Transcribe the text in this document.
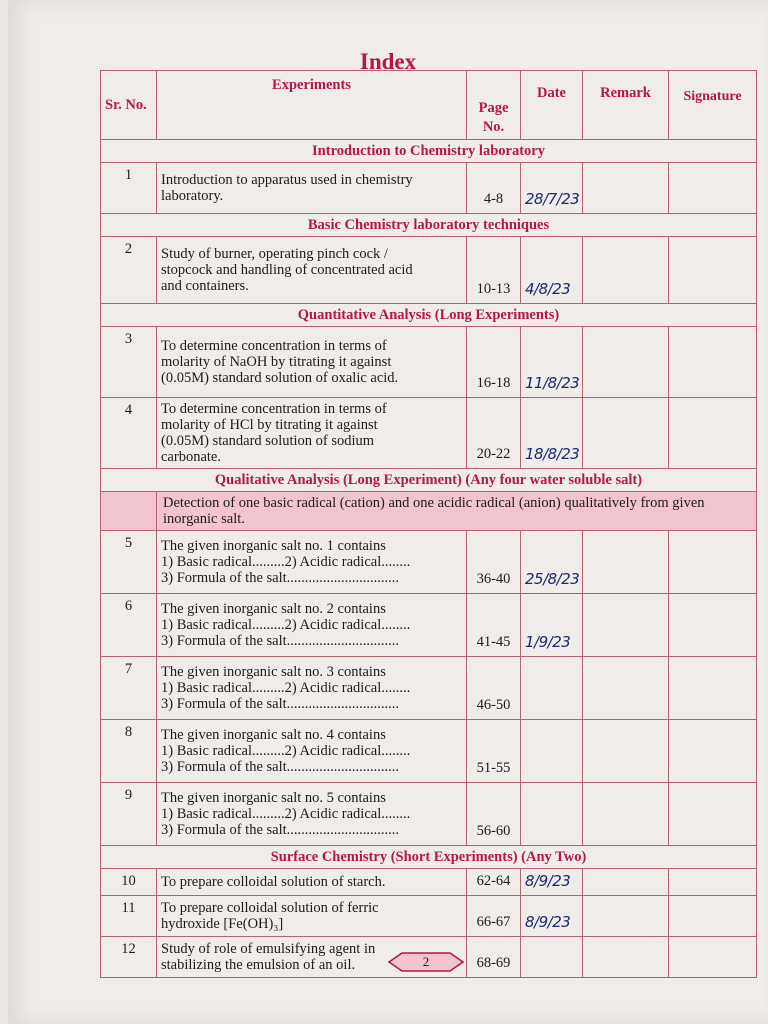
Index
Sr. No.	Experiments	Page No.	Date	Remark	Signature
Introduction to Chemistry laboratory					
1	Introduction to apparatus used in chemistry
laboratory.	4-8	28/7/23		
Basic Chemistry laboratory techniques					
2	Study of burner, operating pinch cock /
stopcock and handling of concentrated acid
and containers.	10-13	4/8/23		
Quantitative Analysis (Long Experiments)					
3	To determine concentration in terms of
molarity of NaOH by titrating it against
(0.05M) standard solution of oxalic acid.	16-18	11/8/23		
4	To determine concentration in terms of
molarity of HCl by titrating it against
(0.05M) standard solution of sodium
carbonate.	20-22	18/8/23		
Qualitative Analysis (Long Experiment) (Any four water soluble salt)					
	Detection of one basic radical (cation) and one acidic radical (anion) qualitatively from given inorganic salt.				
5	The given inorganic salt no. 1 contains
1) Basic radical.........2) Acidic radical........
3) Formula of the salt...............................	36-40	25/8/23		
6	The given inorganic salt no. 2 contains
1) Basic radical.........2) Acidic radical........
3) Formula of the salt...............................	41-45	1/9/23		
7	The given inorganic salt no. 3 contains
1) Basic radical.........2) Acidic radical........
3) Formula of the salt...............................	46-50			
8	The given inorganic salt no. 4 contains
1) Basic radical.........2) Acidic radical........
3) Formula of the salt...............................	51-55			
9	The given inorganic salt no. 5 contains
1) Basic radical.........2) Acidic radical........
3) Formula of the salt...............................	56-60			
Surface Chemistry (Short Experiments) (Any Two)					
10	To prepare colloidal solution of starch.	62-64	8/9/23		
11	To prepare colloidal solution of ferric
hydroxide [Fe(OH)₃]	66-67	8/9/23		
12	Study of role of emulsifying agent in
stabilizing the emulsion of an oil.	68-69			
2
